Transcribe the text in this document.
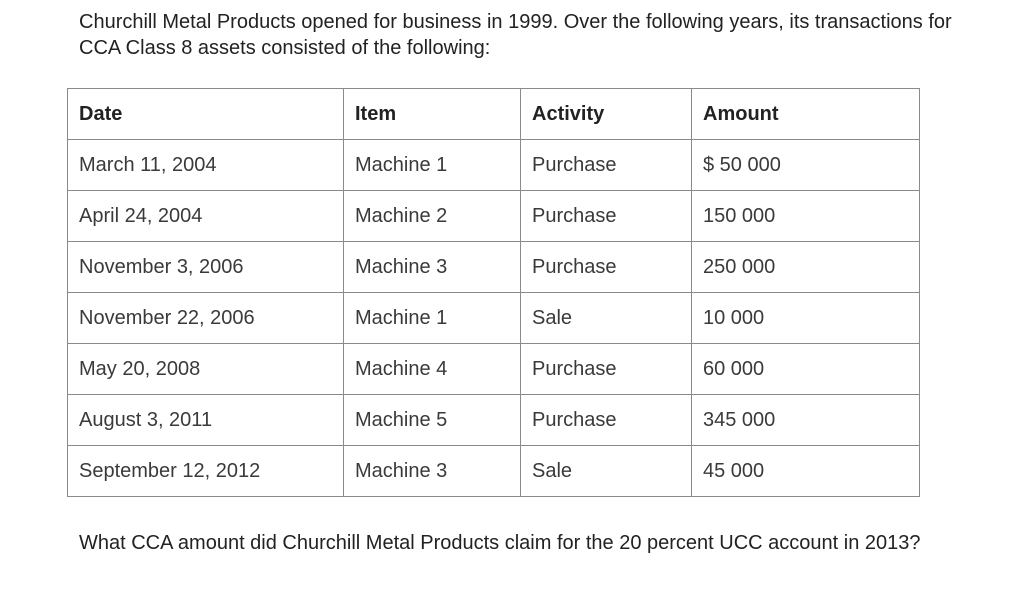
Churchill Metal Products opened for business in 1999. Over the following years, its transactions for CCA Class 8 assets consisted of the following:

Date	Item	Activity	Amount
March 11, 2004	Machine 1	Purchase	$ 50 000
April 24, 2004	Machine 2	Purchase	150 000
November 3, 2006	Machine 3	Purchase	250 000
November 22, 2006	Machine 1	Sale	10 000
May 20, 2008	Machine 4	Purchase	60 000
August 3, 2011	Machine 5	Purchase	345 000
September 12, 2012	Machine 3	Sale	45 000

What CCA amount did Churchill Metal Products claim for the 20 percent UCC account in 2013?
